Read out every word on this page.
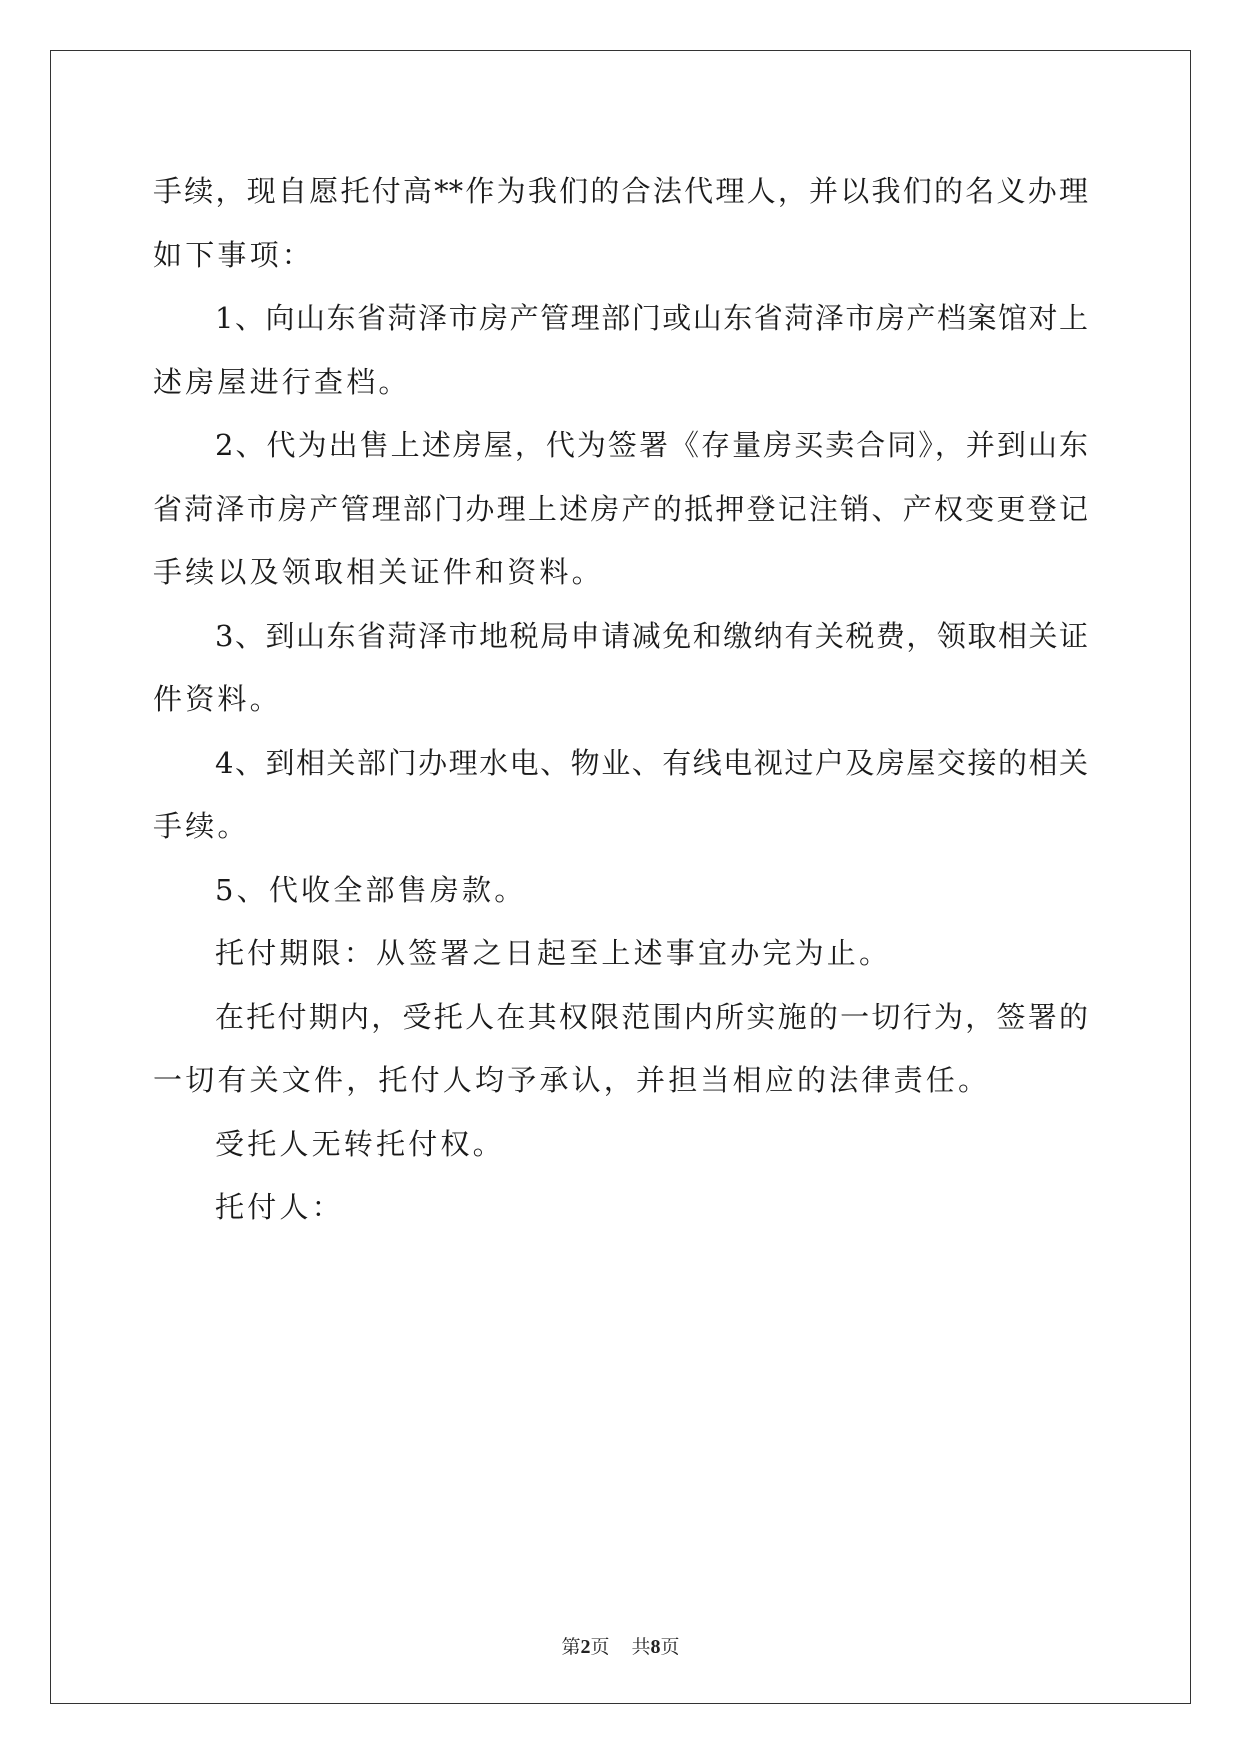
手续，现自愿托付高**作为我们的合法代理人，并以我们的名义办理
如下事项：
1、向山东省菏泽市房产管理部门或山东省菏泽市房产档案馆对上
述房屋进行查档。
2、代为出售上述房屋，代为签署《存量房买卖合同》，并到山东
省菏泽市房产管理部门办理上述房产的抵押登记注销、产权变更登记
手续以及领取相关证件和资料。
3、到山东省菏泽市地税局申请减免和缴纳有关税费，领取相关证
件资料。
4、到相关部门办理水电、物业、有线电视过户及房屋交接的相关
手续。
5、代收全部售房款。
托付期限：从签署之日起至上述事宜办完为止。
在托付期内，受托人在其权限范围内所实施的一切行为，签署的
一切有关文件，托付人均予承认，并担当相应的法律责任。
受托人无转托付权。
托付人：
第2页 共8页
